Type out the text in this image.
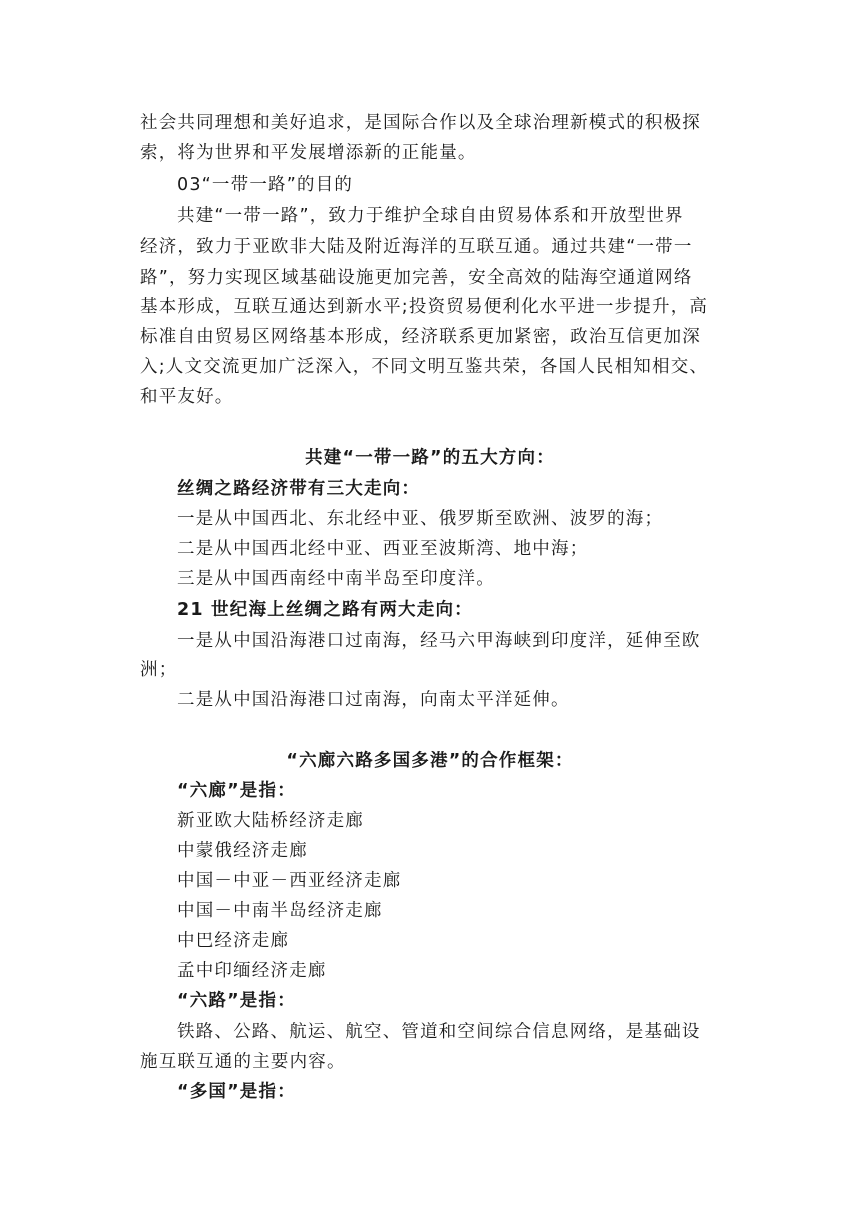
社会共同理想和美好追求，是国际合作以及全球治理新模式的积极探
索，将为世界和平发展增添新的正能量。
03“一带一路”的目的
共建“一带一路”，致力于维护全球自由贸易体系和开放型世界
经济，致力于亚欧非大陆及附近海洋的互联互通。通过共建“一带一
路”，努力实现区域基础设施更加完善，安全高效的陆海空通道网络
基本形成，互联互通达到新水平;投资贸易便利化水平进一步提升，高
标准自由贸易区网络基本形成，经济联系更加紧密，政治互信更加深
入;人文交流更加广泛深入，不同文明互鉴共荣，各国人民相知相交、
和平友好。
共建“一带一路”的五大方向：
丝绸之路经济带有三大走向：
一是从中国西北、东北经中亚、俄罗斯至欧洲、波罗的海；
二是从中国西北经中亚、西亚至波斯湾、地中海；
三是从中国西南经中南半岛至印度洋。
21 世纪海上丝绸之路有两大走向：
一是从中国沿海港口过南海，经马六甲海峡到印度洋，延伸至欧
洲；
二是从中国沿海港口过南海，向南太平洋延伸。
“六廊六路多国多港”的合作框架：
“六廊”是指：
新亚欧大陆桥经济走廊
中蒙俄经济走廊
中国－中亚－西亚经济走廊
中国－中南半岛经济走廊
中巴经济走廊
孟中印缅经济走廊
“六路”是指：
铁路、公路、航运、航空、管道和空间综合信息网络，是基础设
施互联互通的主要内容。
“多国”是指：
